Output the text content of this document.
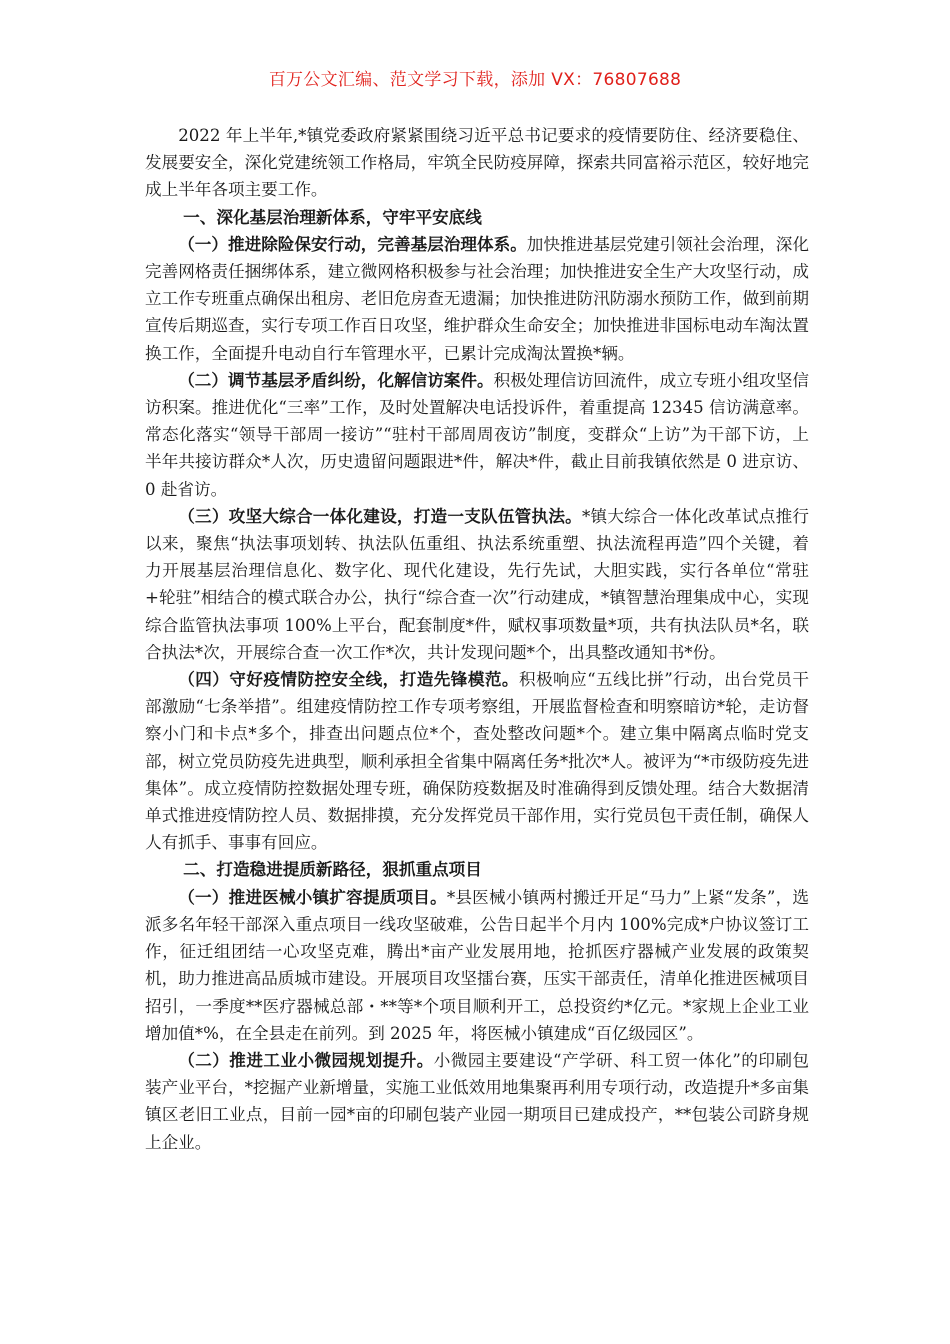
百万公文汇编、范文学习下载，添加 VX：76807688

2022 年上半年,*镇党委政府紧紧围绕习近平总书记要求的疫情要防住、经济要稳住、发展要安全，深化党建统领工作格局，牢筑全民防疫屏障，探索共同富裕示范区，较好地完成上半年各项主要工作。

一、深化基层治理新体系，守牢平安底线

（一）推进除险保安行动，完善基层治理体系。加快推进基层党建引领社会治理，深化完善网格责任捆绑体系，建立微网格积极参与社会治理；加快推进安全生产大攻坚行动，成立工作专班重点确保出租房、老旧危房查无遗漏；加快推进防汛防溺水预防工作，做到前期宣传后期巡查，实行专项工作百日攻坚，维护群众生命安全；加快推进非国标电动车淘汰置换工作，全面提升电动自行车管理水平，已累计完成淘汰置换*辆。

（二）调节基层矛盾纠纷，化解信访案件。积极处理信访回流件，成立专班小组攻坚信访积案。推进优化“三率”工作，及时处置解决电话投诉件，着重提高 12345 信访满意率。常态化落实“领导干部周一接访”“驻村干部周周夜访”制度，变群众“上访”为干部下访，上半年共接访群众*人次，历史遗留问题跟进*件，解决*件，截止目前我镇依然是 0 进京访、0 赴省访。

（三）攻坚大综合一体化建设，打造一支队伍管执法。*镇大综合一体化改革试点推行以来，聚焦“执法事项划转、执法队伍重组、执法系统重塑、执法流程再造”四个关键，着力开展基层治理信息化、数字化、现代化建设，先行先试，大胆实践，实行各单位“常驻+轮驻”相结合的模式联合办公，执行“综合查一次”行动建成，*镇智慧治理集成中心，实现综合监管执法事项 100%上平台，配套制度*件，赋权事项数量*项，共有执法队员*名，联合执法*次，开展综合查一次工作*次，共计发现问题*个，出具整改通知书*份。

（四）守好疫情防控安全线，打造先锋模范。积极响应“五线比拼”行动，出台党员干部激励“七条举措”。组建疫情防控工作专项考察组，开展监督检查和明察暗访*轮，走访督察小门和卡点*多个，排查出问题点位*个，查处整改问题*个。建立集中隔离点临时党支部，树立党员防疫先进典型，顺利承担全省集中隔离任务*批次*人。被评为“*市级防疫先进集体”。成立疫情防控数据处理专班，确保防疫数据及时准确得到反馈处理。结合大数据清单式推进疫情防控人员、数据排摸，充分发挥党员干部作用，实行党员包干责任制，确保人人有抓手、事事有回应。

二、打造稳进提质新路径，狠抓重点项目

（一）推进医械小镇扩容提质项目。*县医械小镇两村搬迁开足“马力”上紧“发条”，选派多名年轻干部深入重点项目一线攻坚破难，公告日起半个月内 100%完成*户协议签订工作，征迁组团结一心攻坚克难，腾出*亩产业发展用地，抢抓医疗器械产业发展的政策契机，助力推进高品质城市建设。开展项目攻坚擂台赛，压实干部责任，清单化推进医械项目招引，一季度**医疗器械总部・**等*个项目顺利开工，总投资约*亿元。*家规上企业工业增加值*%，在全县走在前列。到 2025 年，将医械小镇建成“百亿级园区”。

（二）推进工业小微园规划提升。小微园主要建设“产学研、科工贸一体化”的印刷包装产业平台，*挖掘产业新增量，实施工业低效用地集聚再利用专项行动，改造提升*多亩集镇区老旧工业点，目前一园*亩的印刷包装产业园一期项目已建成投产，**包装公司跻身规上企业。
